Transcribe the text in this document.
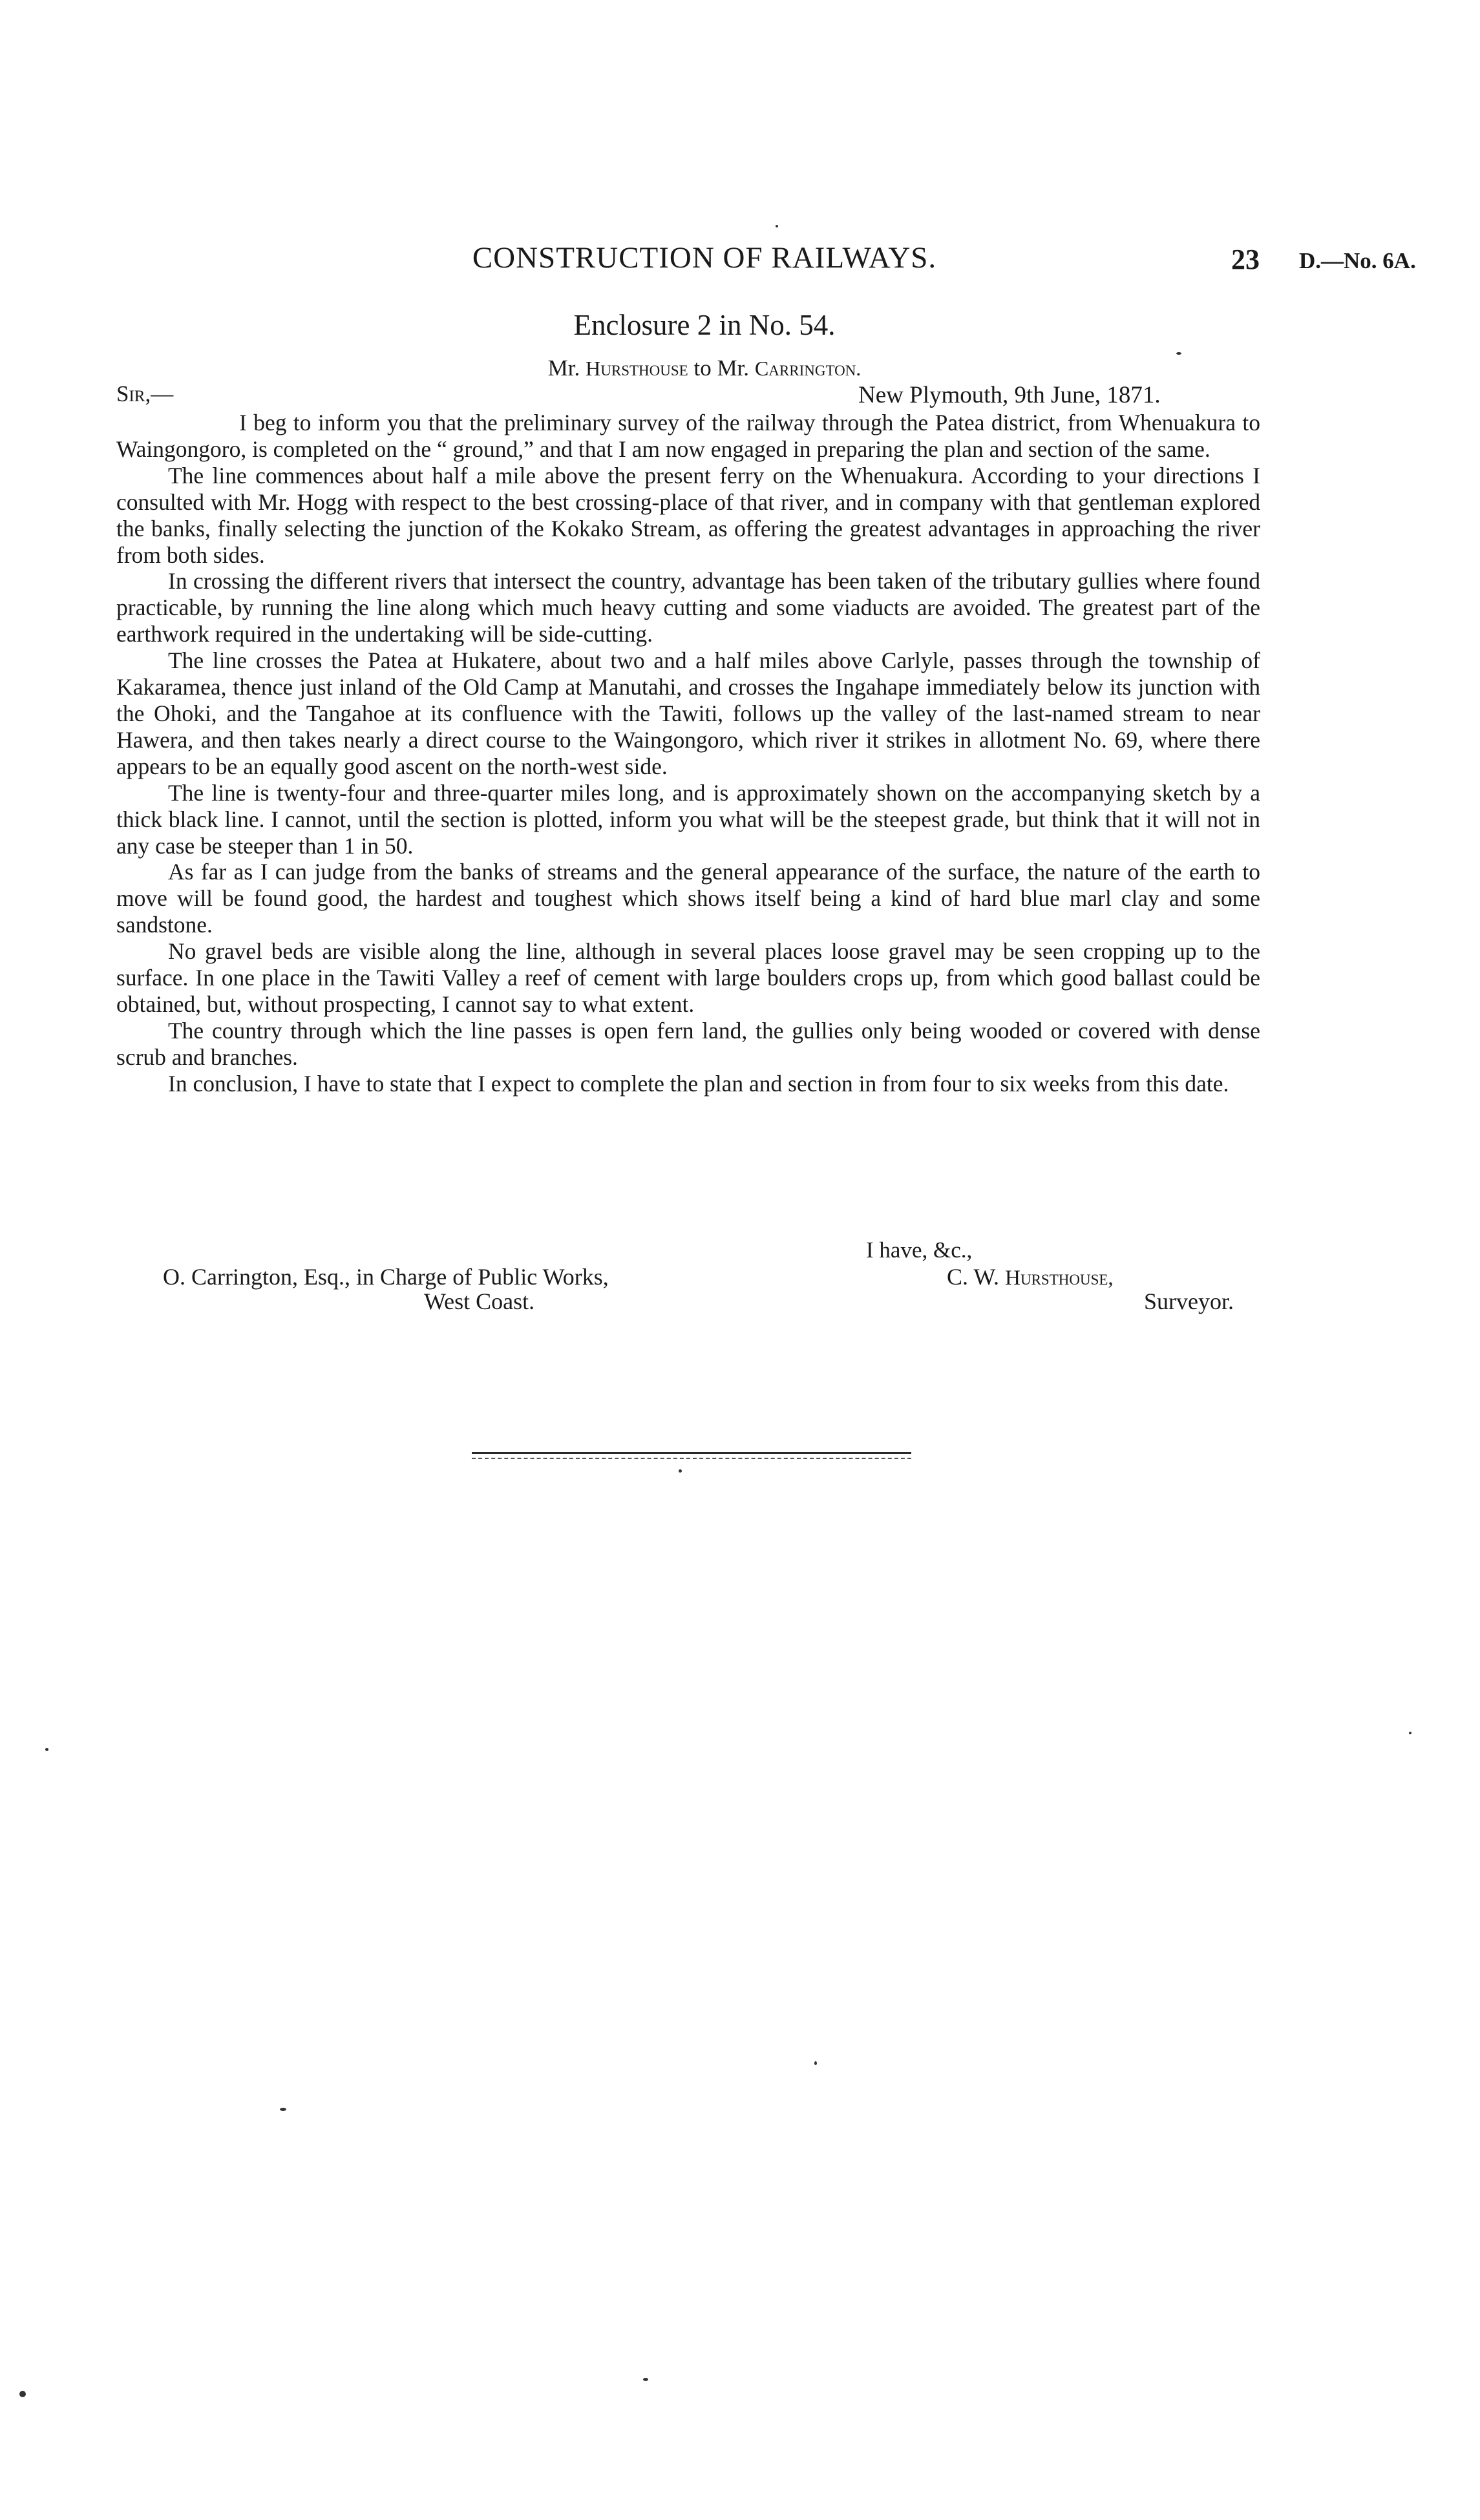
CONSTRUCTION OF RAILWAYS.	23 D.—No. 6A.
Enclosure 2 in No. 54.
Mr. Hursthouse to Mr. Carrington.
Sir,—	New Plymouth, 9th June, 1871.

I beg to inform you that the preliminary survey of the railway through the Patea district, from Whenuakura to Waingongoro, is completed on the “ ground,” and that I am now engaged in preparing the plan and section of the same.

The line commences about half a mile above the present ferry on the Whenuakura. According to your directions I consulted with Mr. Hogg with respect to the best crossing-place of that river, and in company with that gentleman explored the banks, finally selecting the junction of the Kokako Stream, as offering the greatest advantages in approaching the river from both sides.

In crossing the different rivers that intersect the country, advantage has been taken of the tributary gullies where found practicable, by running the line along which much heavy cutting and some viaducts are avoided. The greatest part of the earthwork required in the undertaking will be side-cutting.

The line crosses the Patea at Hukatere, about two and a half miles above Carlyle, passes through the township of Kakaramea, thence just inland of the Old Camp at Manutahi, and crosses the Ingahape immediately below its junction with the Ohoki, and the Tangahoe at its confluence with the Tawiti, follows up the valley of the last-named stream to near Hawera, and then takes nearly a direct course to the Waingongoro, which river it strikes in allotment No. 69, where there appears to be an equally good ascent on the north-west side.

The line is twenty-four and three-quarter miles long, and is approximately shown on the accompanying sketch by a thick black line. I cannot, until the section is plotted, inform you what will be the steepest grade, but think that it will not in any case be steeper than 1 in 50.

As far as I can judge from the banks of streams and the general appearance of the surface, the nature of the earth to move will be found good, the hardest and toughest which shows itself being a kind of hard blue marl clay and some sandstone.

No gravel beds are visible along the line, although in several places loose gravel may be seen cropping up to the surface. In one place in the Tawiti Valley a reef of cement with large boulders crops up, from which good ballast could be obtained, but, without prospecting, I cannot say to what extent.

The country through which the line passes is open fern land, the gullies only being wooded or covered with dense scrub and branches.

In conclusion, I have to state that I expect to complete the plan and section in from four to six weeks from this date.

I have, &c.,
O. Carrington, Esq., in Charge of Public Works,
West Coast.
C. W. Hursthouse,
Surveyor.
